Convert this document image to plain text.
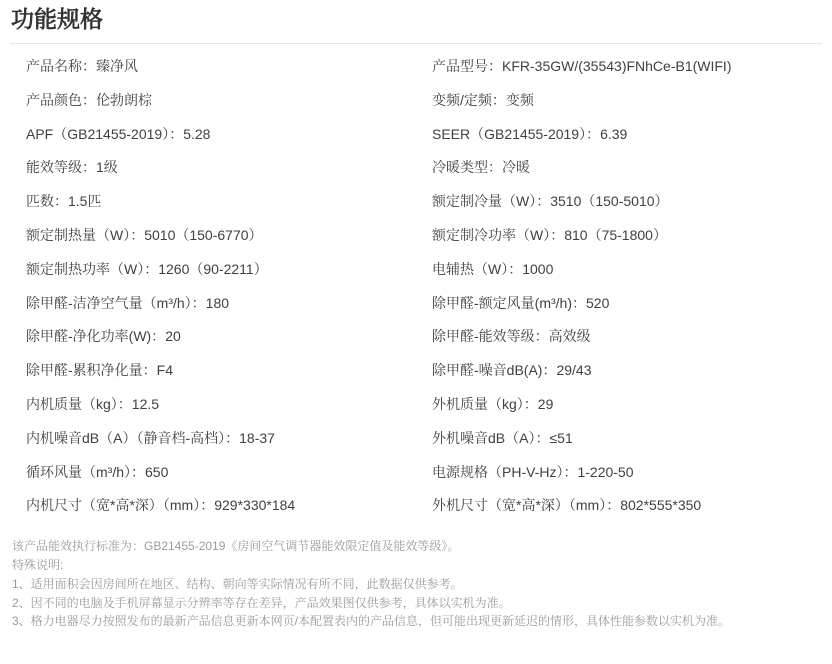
功能规格
产品名称：臻净风	产品型号：KFR-35GW/(35543)FNhCe-B1(WIFI)
产品颜色：伦勃朗棕	变频/定频：变频
APF（GB21455-2019）：5.28	SEER（GB21455-2019）：6.39
能效等级：1级	冷暖类型：冷暖
匹数：1.5匹	额定制冷量（W）：3510（150-5010）
额定制热量（W）：5010（150-6770）	额定制冷功率（W）：810（75-1800）
额定制热功率（W）：1260（90-2211）	电辅热（W）：1000
除甲醛-洁净空气量（m³/h）：180	除甲醛-额定风量(m³/h)：520
除甲醛-净化功率(W)：20	除甲醛-能效等级：高效级
除甲醛-累积净化量：F4	除甲醛-噪音dB(A)：29/43
内机质量（kg）：12.5	外机质量（kg）：29
内机噪音dB（A）（静音档-高档）：18-37	外机噪音dB（A）：≤51
循环风量（m³/h）：650	电源规格（PH-V-Hz）：1-220-50
内机尺寸（宽*高*深）（mm）：929*330*184	外机尺寸（宽*高*深）（mm）：802*555*350
该产品能效执行标准为：GB21455-2019《房间空气调节器能效限定值及能效等级》。
特殊说明:
1、适用面积会因房间所在地区、结构、朝向等实际情况有所不同，此数据仅供参考。
2、因不同的电脑及手机屏幕显示分辨率等存在差异，产品效果图仅供参考，具体以实机为准。
3、格力电器尽力按照发布的最新产品信息更新本网页/本配置表内的产品信息，但可能出现更新延迟的情形，具体性能参数以实机为准。
